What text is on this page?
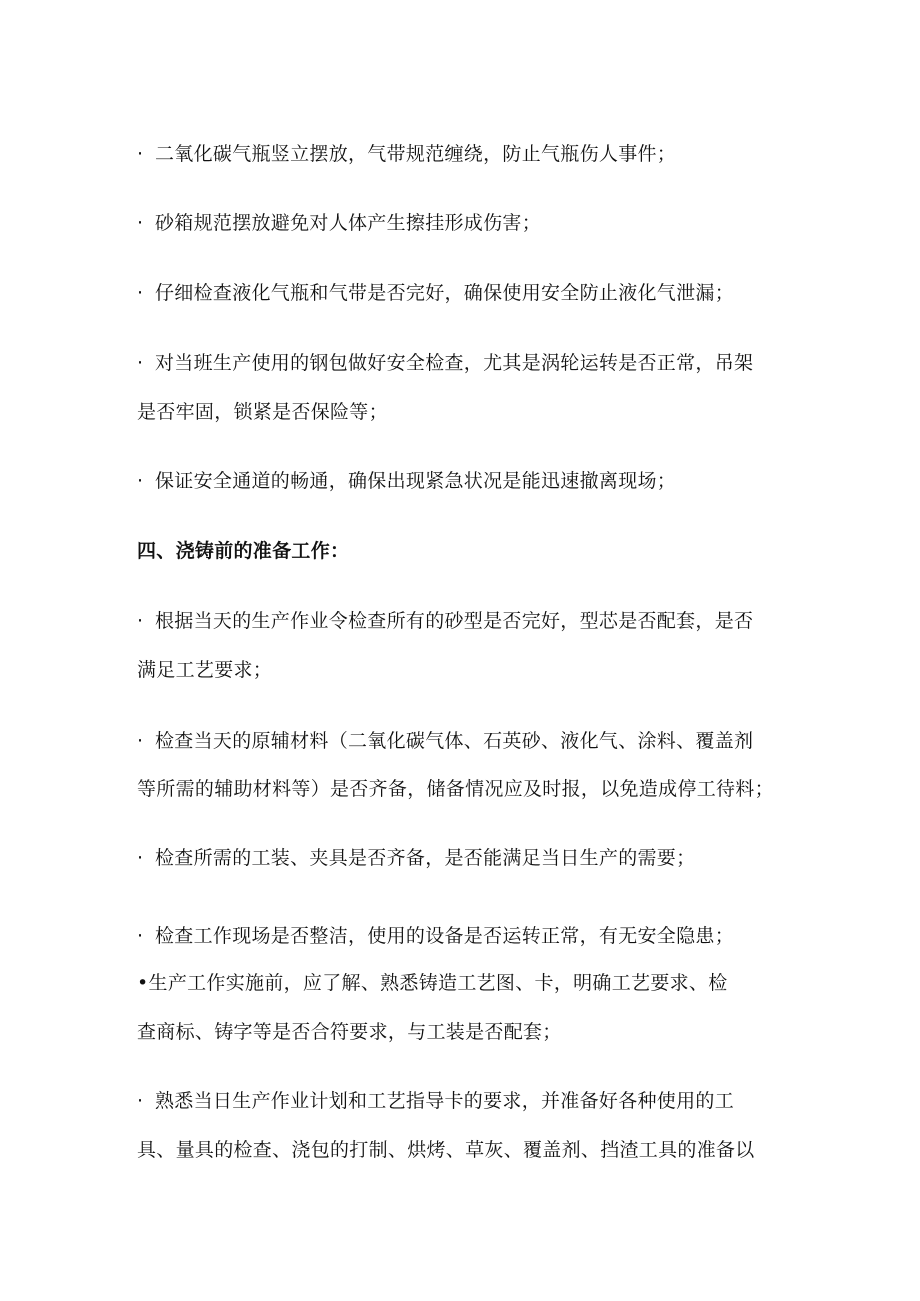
· 二氧化碳气瓶竖立摆放，气带规范缠绕，防止气瓶伤人事件；
· 砂箱规范摆放避免对人体产生擦挂形成伤害；
· 仔细检查液化气瓶和气带是否完好，确保使用安全防止液化气泄漏；
· 对当班生产使用的钢包做好安全检查，尤其是涡轮运转是否正常，吊架
是否牢固，锁紧是否保险等；
· 保证安全通道的畅通，确保出现紧急状况是能迅速撤离现场；
四、浇铸前的准备工作：
· 根据当天的生产作业令检查所有的砂型是否完好，型芯是否配套，是否
满足工艺要求；
· 检查当天的原辅材料（二氧化碳气体、石英砂、液化气、涂料、覆盖剂
等所需的辅助材料等）是否齐备，储备情况应及时报，以免造成停工待料；
· 检查所需的工装、夹具是否齐备，是否能满足当日生产的需要；
· 检查工作现场是否整洁，使用的设备是否运转正常，有无安全隐患；
•生产工作实施前，应了解、熟悉铸造工艺图、卡，明确工艺要求、检
查商标、铸字等是否合符要求，与工装是否配套；
· 熟悉当日生产作业计划和工艺指导卡的要求，并准备好各种使用的工
具、量具的检查、浇包的打制、烘烤、草灰、覆盖剂、挡渣工具的准备以
